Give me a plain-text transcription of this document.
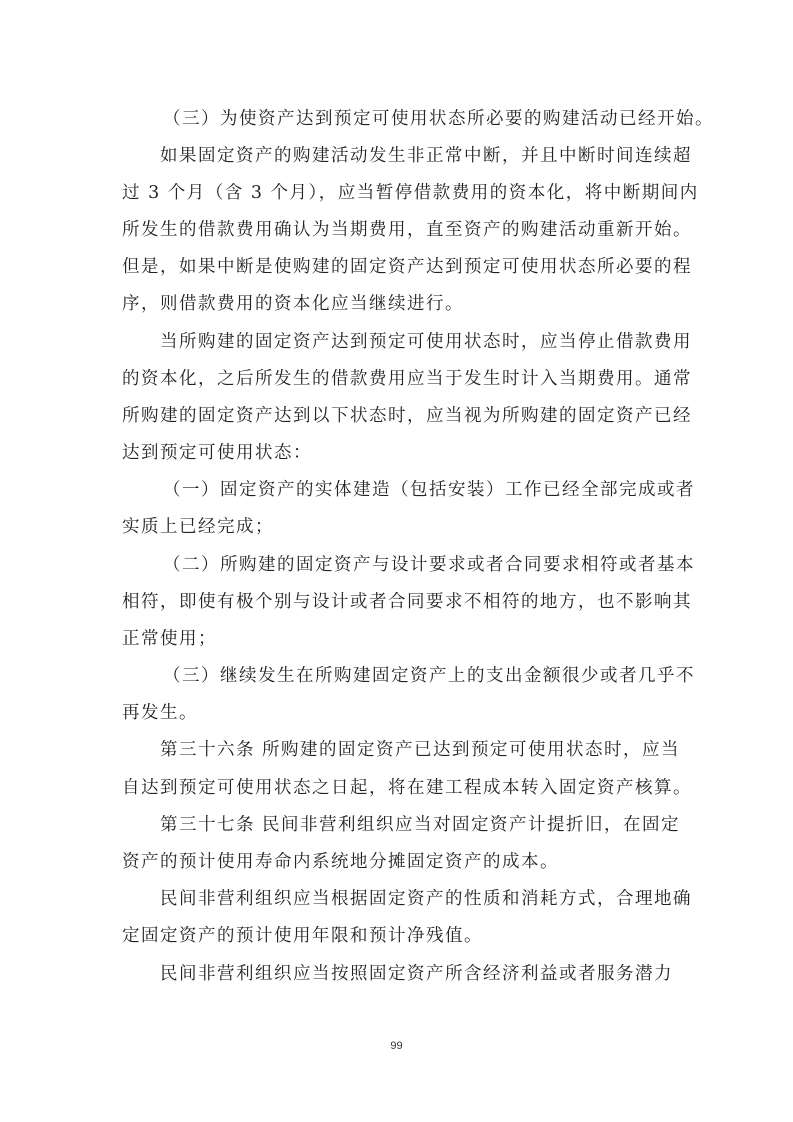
（三）为使资产达到预定可使用状态所必要的购建活动已经开始。
如果固定资产的购建活动发生非正常中断，并且中断时间连续超
过 3 个月（含 3 个月），应当暂停借款费用的资本化，将中断期间内
所发生的借款费用确认为当期费用，直至资产的购建活动重新开始。
但是，如果中断是使购建的固定资产达到预定可使用状态所必要的程
序，则借款费用的资本化应当继续进行。
当所购建的固定资产达到预定可使用状态时，应当停止借款费用
的资本化，之后所发生的借款费用应当于发生时计入当期费用。通常
所购建的固定资产达到以下状态时，应当视为所购建的固定资产已经
达到预定可使用状态：
（一）固定资产的实体建造（包括安装）工作已经全部完成或者
实质上已经完成；
（二）所购建的固定资产与设计要求或者合同要求相符或者基本
相符，即使有极个别与设计或者合同要求不相符的地方，也不影响其
正常使用；
（三）继续发生在所购建固定资产上的支出金额很少或者几乎不
再发生。
第三十六条 所购建的固定资产已达到预定可使用状态时，应当
自达到预定可使用状态之日起，将在建工程成本转入固定资产核算。
第三十七条 民间非营利组织应当对固定资产计提折旧，在固定
资产的预计使用寿命内系统地分摊固定资产的成本。
民间非营利组织应当根据固定资产的性质和消耗方式，合理地确
定固定资产的预计使用年限和预计净残值。
民间非营利组织应当按照固定资产所含经济利益或者服务潜力
99
